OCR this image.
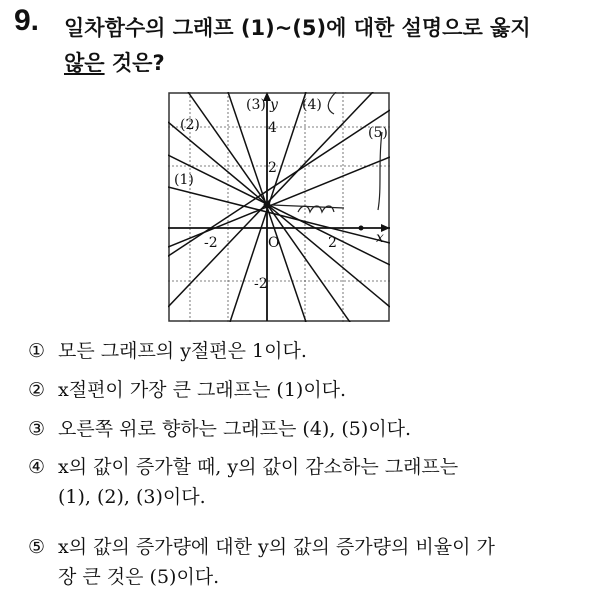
9. 일차함수의 그래프 (1)~(5)에 대한 설명으로 옳지
않은 것은?
(1)
(2)
(3)	(4)
(5)
y
x
O
4
2
-2	2
-2
① 모든 그래프의 y절편은 1이다.
② x절편이 가장 큰 그래프는 (1)이다.
③ 오른쪽 위로 향하는 그래프는 (4), (5)이다.
④ x의 값이 증가할 때, y의 값이 감소하는 그래프는
(1), (2), (3)이다.
⑤ x의 값의 증가량에 대한 y의 값의 증가량의 비율이 가
장 큰 것은 (5)이다.
